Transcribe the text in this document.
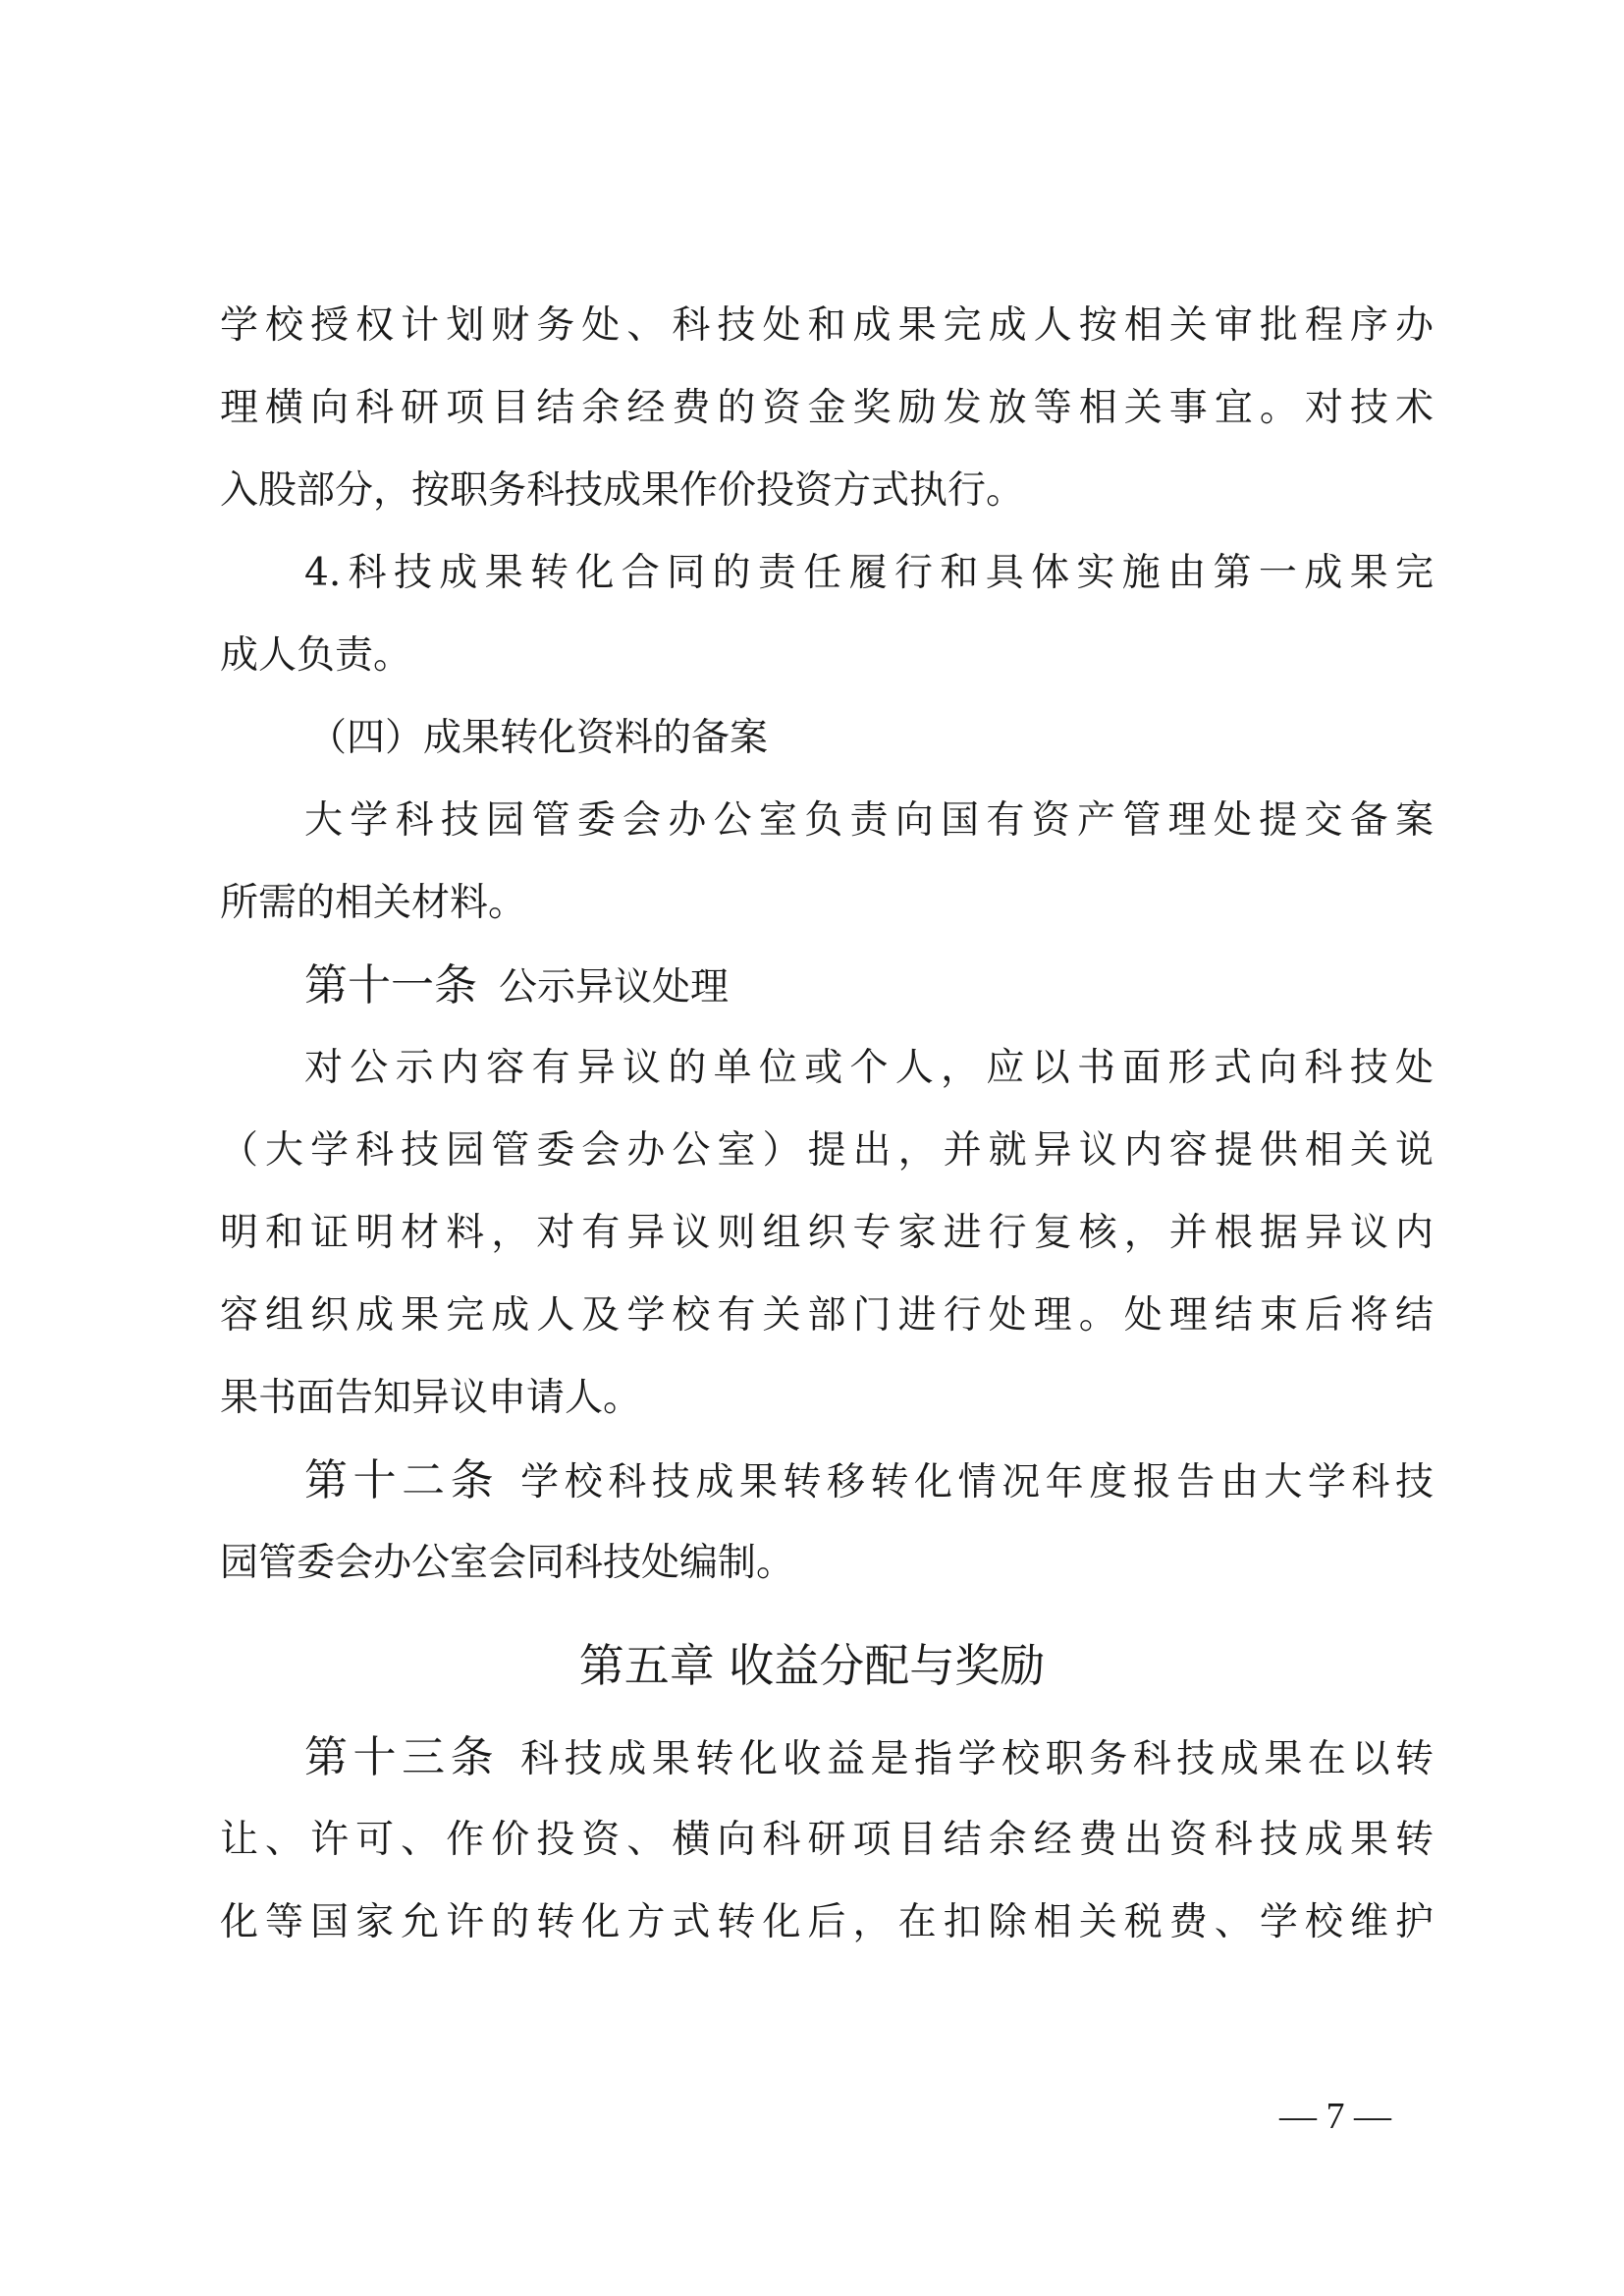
学校授权计划财务处、科技处和成果完成人按相关审批程序办
理横向科研项目结余经费的资金奖励发放等相关事宜。对技术
入股部分，按职务科技成果作价投资方式执行。
4.科技成果转化合同的责任履行和具体实施由第一成果完
成人负责。
（四）成果转化资料的备案
大学科技园管委会办公室负责向国有资产管理处提交备案
所需的相关材料。
第十一条 公示异议处理
对公示内容有异议的单位或个人，应以书面形式向科技处
（大学科技园管委会办公室）提出，并就异议内容提供相关说
明和证明材料，对有异议则组织专家进行复核，并根据异议内
容组织成果完成人及学校有关部门进行处理。处理结束后将结
果书面告知异议申请人。
第十二条 学校科技成果转移转化情况年度报告由大学科技
园管委会办公室会同科技处编制。
第五章 收益分配与奖励
第十三条 科技成果转化收益是指学校职务科技成果在以转
让、许可、作价投资、横向科研项目结余经费出资科技成果转
化等国家允许的转化方式转化后，在扣除相关税费、学校维护
— 7 —
